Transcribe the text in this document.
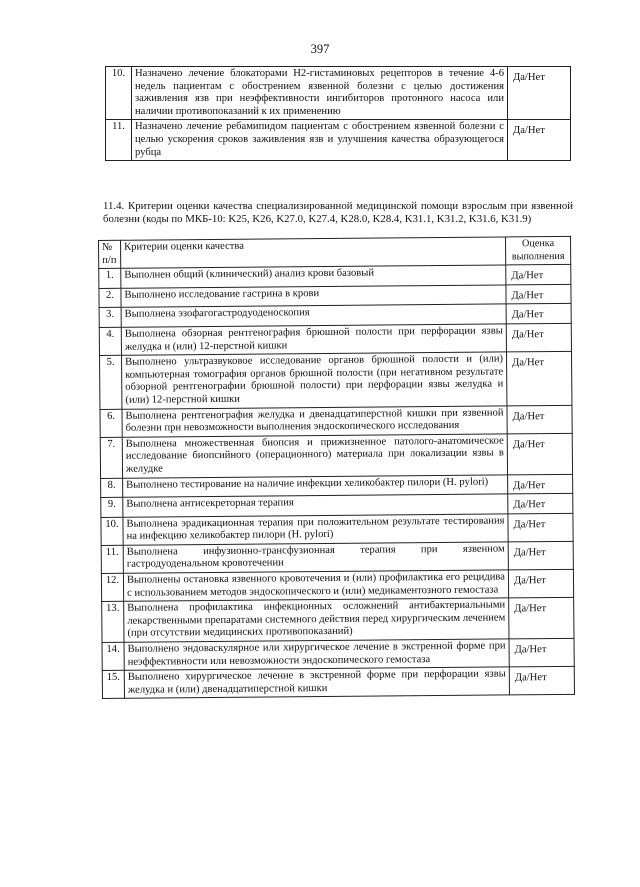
397
10.	Назначено лечение блокаторами Н2-гистаминовых рецепторов в течение 4-6 недель пациентам с обострением язвенной болезни с целью достижения заживления язв при неэффективности ингибиторов протонного насоса или наличии противопоказаний к их применению	Да/Нет
11.	Назначено лечение ребамипидом пациентам с обострением язвенной болезни с целью ускорения сроков заживления язв и улучшения качества образующегося рубца	Да/Нет
11.4. Критерии оценки качества специализированной медицинской помощи взрослым при язвенной болезни (коды по МКБ-10: K25, K26, K27.0, K27.4, K28.0, K28.4, K31.1, K31.2, K31.6, K31.9)
№ п/п	Критерии оценки качества	Оценка выполнения
1.	Выполнен общий (клинический) анализ крови базовый	Да/Нет
2.	Выполнено исследование гастрина в крови	Да/Нет
3.	Выполнена эзофагогастродуоденоскопия	Да/Нет
4.	Выполнена обзорная рентгенография брюшной полости при перфорации язвы желудка и (или) 12-перстной кишки	Да/Нет
5.	Выполнено ультразвуковое исследование органов брюшной полости и (или) компьютерная томография органов брюшной полости (при негативном результате обзорной рентгенографии брюшной полости) при перфорации язвы желудка и (или) 12-перстной кишки	Да/Нет
6.	Выполнена рентгенография желудка и двенадцатиперстной кишки при язвенной болезни при невозможности выполнения эндоскопического исследования	Да/Нет
7.	Выполнена множественная биопсия и прижизненное патолого-анатомическое исследование биопсийного (операционного) материала при локализации язвы в желудке	Да/Нет
8.	Выполнено тестирование на наличие инфекции хеликобактер пилори (H. pylori)	Да/Нет
9.	Выполнена антисекреторная терапия	Да/Нет
10.	Выполнена эрадикационная терапия при положительном результате тестирования на инфекцию хеликобактер пилори (H. pylori)	Да/Нет
11.	Выполнена инфузионно-трансфузионная терапия при язвенном гастродуоденальном кровотечении	Да/Нет
12.	Выполнены остановка язвенного кровотечения и (или) профилактика его рецидива с использованием методов эндоскопического и (или) медикаментозного гемостаза	Да/Нет
13.	Выполнена профилактика инфекционных осложнений антибактериальными лекарственными препаратами системного действия перед хирургическим лечением (при отсутствии медицинских противопоказаний)	Да/Нет
14.	Выполнено эндоваскулярное или хирургическое лечение в экстренной форме при неэффективности или невозможности эндоскопического гемостаза	Да/Нет
15.	Выполнено хирургическое лечение в экстренной форме при перфорации язвы желудка и (или) двенадцатиперстной кишки	Да/Нет
